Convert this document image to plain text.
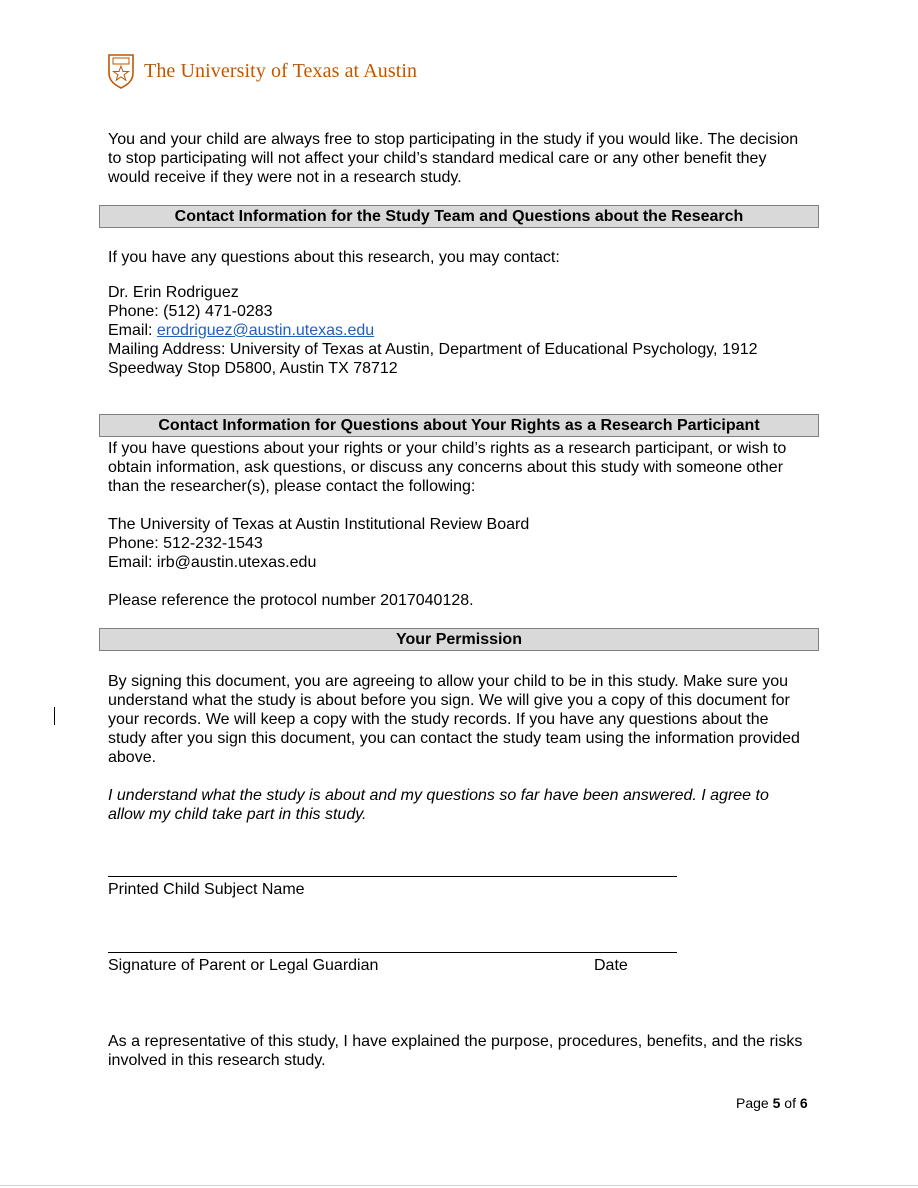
The University of Texas at Austin
You and your child are always free to stop participating in the study if you would like. The decision to stop participating will not affect your child’s standard medical care or any other benefit they would receive if they were not in a research study.
Contact Information for the Study Team and Questions about the Research
If you have any questions about this research, you may contact:
Dr. Erin Rodriguez
Phone: (512) 471-0283
Email: erodriguez@austin.utexas.edu
Mailing Address: University of Texas at Austin, Department of Educational Psychology, 1912
Speedway Stop D5800, Austin TX 78712
Contact Information for Questions about Your Rights as a Research Participant
If you have questions about your rights or your child’s rights as a research participant, or wish to obtain information, ask questions, or discuss any concerns about this study with someone other than the researcher(s), please contact the following:
The University of Texas at Austin Institutional Review Board
Phone: 512-232-1543
Email: irb@austin.utexas.edu
Please reference the protocol number 2017040128.
Your Permission
By signing this document, you are agreeing to allow your child to be in this study. Make sure you understand what the study is about before you sign. We will give you a copy of this document for your records. We will keep a copy with the study records. If you have any questions about the study after you sign this document, you can contact the study team using the information provided above.
I understand what the study is about and my questions so far have been answered. I agree to allow my child take part in this study.
Printed Child Subject Name
Signature of Parent or Legal Guardian	Date
As a representative of this study, I have explained the purpose, procedures, benefits, and the risks involved in this research study.
Page 5 of 6
